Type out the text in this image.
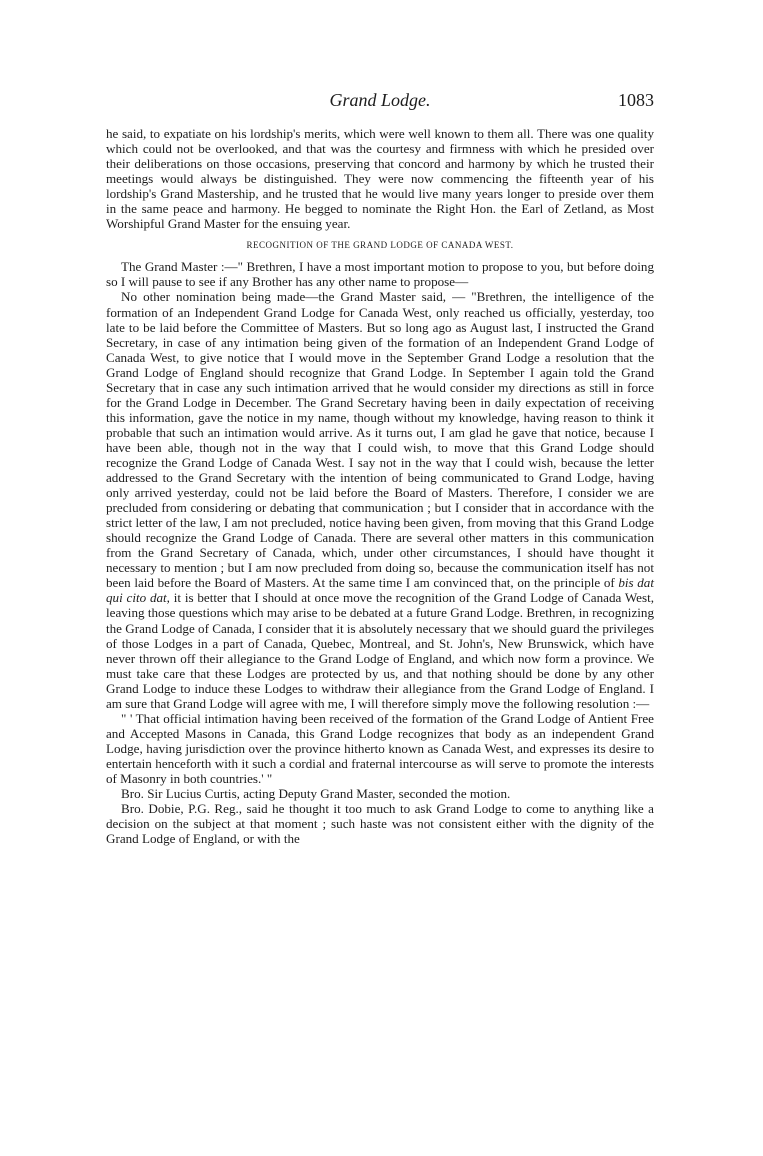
Grand Lodge.	1083

he said, to expatiate on his lordship's merits, which were well known to them all. There was one quality which could not be overlooked, and that was the courtesy and firmness with which he presided over their deliberations on those occasions, preserving that concord and harmony by which he trusted their meetings would always be distinguished. They were now commencing the fifteenth year of his lordship's Grand Mastership, and he trusted that he would live many years longer to preside over them in the same peace and harmony. He begged to nominate the Right Hon. the Earl of Zetland, as Most Worshipful Grand Master for the ensuing year.

RECOGNITION OF THE GRAND LODGE OF CANADA WEST.

The Grand Master :—" Brethren, I have a most important motion to propose to you, but before doing so I will pause to see if any Brother has any other name to propose—

No other nomination being made—the Grand Master said, — "Brethren, the intelligence of the formation of an Independent Grand Lodge for Canada West, only reached us officially, yesterday, too late to be laid before the Committee of Masters. But so long ago as August last, I instructed the Grand Secretary, in case of any intimation being given of the formation of an Independent Grand Lodge of Canada West, to give notice that I would move in the September Grand Lodge a resolution that the Grand Lodge of England should recognize that Grand Lodge. In September I again told the Grand Secretary that in case any such intimation arrived that he would consider my directions as still in force for the Grand Lodge in December. The Grand Secretary having been in daily expectation of receiving this information, gave the notice in my name, though without my knowledge, having reason to think it probable that such an intimation would arrive. As it turns out, I am glad he gave that notice, because I have been able, though not in the way that I could wish, to move that this Grand Lodge should recognize the Grand Lodge of Canada West. I say not in the way that I could wish, because the letter addressed to the Grand Secretary with the intention of being communicated to Grand Lodge, having only arrived yesterday, could not be laid before the Board of Masters. Therefore, I consider we are precluded from considering or debating that communication ; but I consider that in accordance with the strict letter of the law, I am not precluded, notice having been given, from moving that this Grand Lodge should recognize the Grand Lodge of Canada. There are several other matters in this communication from the Grand Secretary of Canada, which, under other circumstances, I should have thought it necessary to mention ; but I am now precluded from doing so, because the communication itself has not been laid before the Board of Masters. At the same time I am convinced that, on the principle of bis dat qui cito dat, it is better that I should at once move the recognition of the Grand Lodge of Canada West, leaving those questions which may arise to be debated at a future Grand Lodge. Brethren, in recognizing the Grand Lodge of Canada, I consider that it is absolutely necessary that we should guard the privileges of those Lodges in a part of Canada, Quebec, Montreal, and St. John's, New Brunswick, which have never thrown off their allegiance to the Grand Lodge of England, and which now form a province. We must take care that these Lodges are protected by us, and that nothing should be done by any other Grand Lodge to induce these Lodges to withdraw their allegiance from the Grand Lodge of England. I am sure that Grand Lodge will agree with me, I will therefore simply move the following resolution :—

" ' That official intimation having been received of the formation of the Grand Lodge of Antient Free and Accepted Masons in Canada, this Grand Lodge recognizes that body as an independent Grand Lodge, having jurisdiction over the province hitherto known as Canada West, and expresses its desire to entertain henceforth with it such a cordial and fraternal intercourse as will serve to promote the interests of Masonry in both countries.' "

Bro. Sir Lucius Curtis, acting Deputy Grand Master, seconded the motion.

Bro. Dobie, P.G. Reg., said he thought it too much to ask Grand Lodge to come to anything like a decision on the subject at that moment ; such haste was not consistent either with the dignity of the Grand Lodge of England, or with the
